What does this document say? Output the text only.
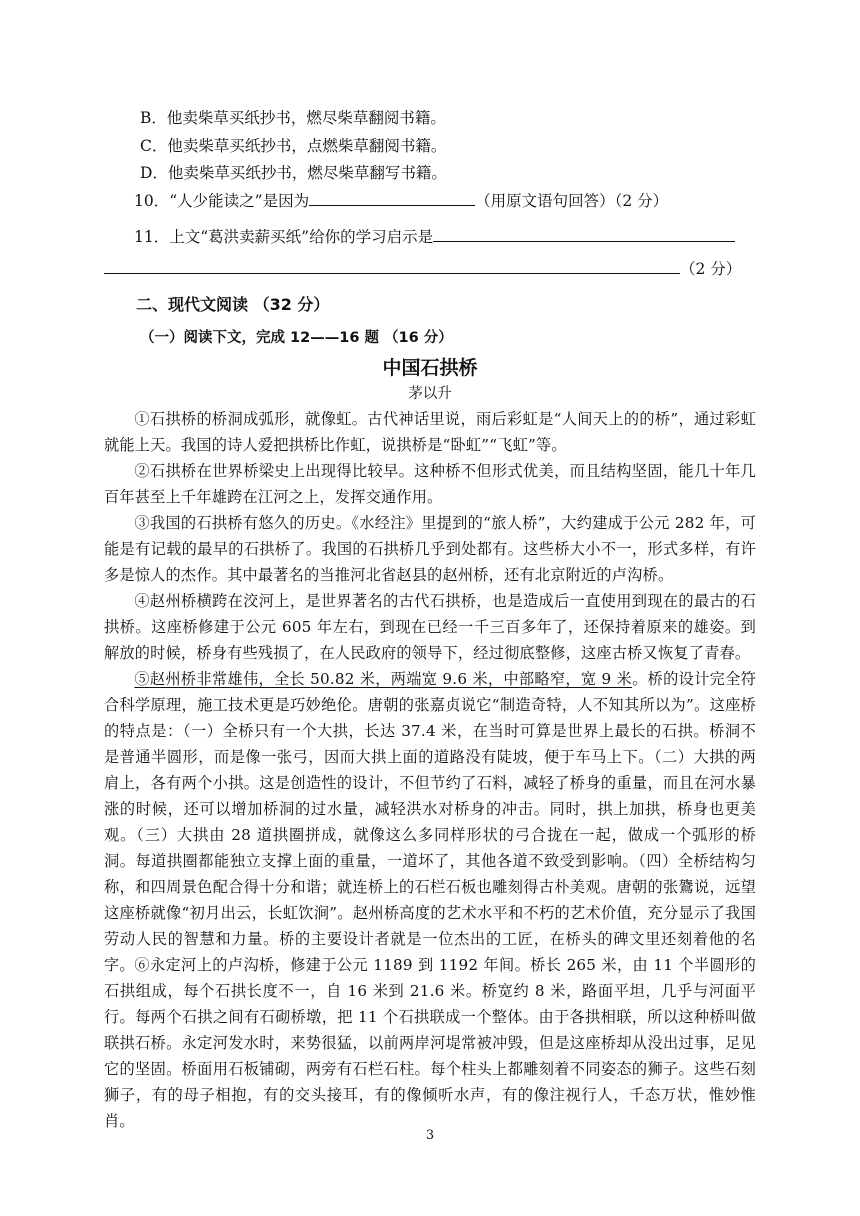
B．他卖柴草买纸抄书，燃尽柴草翻阅书籍。
C．他卖柴草买纸抄书，点燃柴草翻阅书籍。
D．他卖柴草买纸抄书，燃尽柴草翻写书籍。
10．“人少能读之”是因为	（用原文语句回答）（2 分）
11．上文“葛洪卖薪买纸”给你的学习启示是
（2 分）
二、现代文阅读 （32 分）
（一）阅读下文，完成 12——16 题 （16 分）
中国石拱桥
茅以升
①石拱桥的桥洞成弧形，就像虹。古代神话里说，雨后彩虹是“人间天上的的桥”，通过彩虹就能上天。我国的诗人爱把拱桥比作虹，说拱桥是“卧虹”“飞虹”等。
②石拱桥在世界桥梁史上出现得比较早。这种桥不但形式优美，而且结构坚固，能几十年几百年甚至上千年雄跨在江河之上，发挥交通作用。
③我国的石拱桥有悠久的历史。《水经注》里提到的“旅人桥”，大约建成于公元 282 年，可能是有记载的最早的石拱桥了。我国的石拱桥几乎到处都有。这些桥大小不一，形式多样，有许多是惊人的杰作。其中最著名的当推河北省赵县的赵州桥，还有北京附近的卢沟桥。
④赵州桥横跨在洨河上，是世界著名的古代石拱桥，也是造成后一直使用到现在的最古的石拱桥。这座桥修建于公元 605 年左右，到现在已经一千三百多年了，还保持着原来的雄姿。到解放的时候，桥身有些残损了，在人民政府的领导下，经过彻底整修，这座古桥又恢复了青春。
⑤赵州桥非常雄伟，全长 50.82 米，两端宽 9.6 米，中部略窄，宽 9 米。桥的设计完全符合科学原理，施工技术更是巧妙绝伦。唐朝的张嘉贞说它“制造奇特，人不知其所以为”。这座桥的特点是：（一）全桥只有一个大拱，长达 37.4 米，在当时可算是世界上最长的石拱。桥洞不是普通半圆形，而是像一张弓，因而大拱上面的道路没有陡坡，便于车马上下。（二）大拱的两肩上，各有两个小拱。这是创造性的设计，不但节约了石料，减轻了桥身的重量，而且在河水暴涨的时候，还可以增加桥洞的过水量，减轻洪水对桥身的冲击。同时，拱上加拱，桥身也更美观。（三）大拱由 28 道拱圈拼成，就像这么多同样形状的弓合拢在一起，做成一个弧形的桥洞。每道拱圈都能独立支撑上面的重量，一道坏了，其他各道不致受到影响。（四）全桥结构匀称，和四周景色配合得十分和谐；就连桥上的石栏石板也雕刻得古朴美观。唐朝的张鷟说，远望这座桥就像“初月出云，长虹饮涧”。赵州桥高度的艺术水平和不朽的艺术价值，充分显示了我国劳动人民的智慧和力量。桥的主要设计者就是一位杰出的工匠，在桥头的碑文里还刻着他的名字。 ⑥永定河上的卢沟桥，修建于公元 1189 到 1192 年间。桥长 265 米，由 11 个半圆形的石拱组成，每个石拱长度不一，自 16 米到 21.6 米。桥宽约 8 米，路面平坦，几乎与河面平行。每两个石拱之间有石砌桥墩，把 11 个石拱联成一个整体。由于各拱相联，所以这种桥叫做联拱石桥。永定河发水时，来势很猛，以前两岸河堤常被冲毁，但是这座桥却从没出过事，足见它的坚固。桥面用石板铺砌，两旁有石栏石柱。每个柱头上都雕刻着不同姿态的狮子。这些石刻狮子，有的母子相抱，有的交头接耳，有的像倾听水声，有的像注视行人，千态万状，惟妙惟肖。
3
